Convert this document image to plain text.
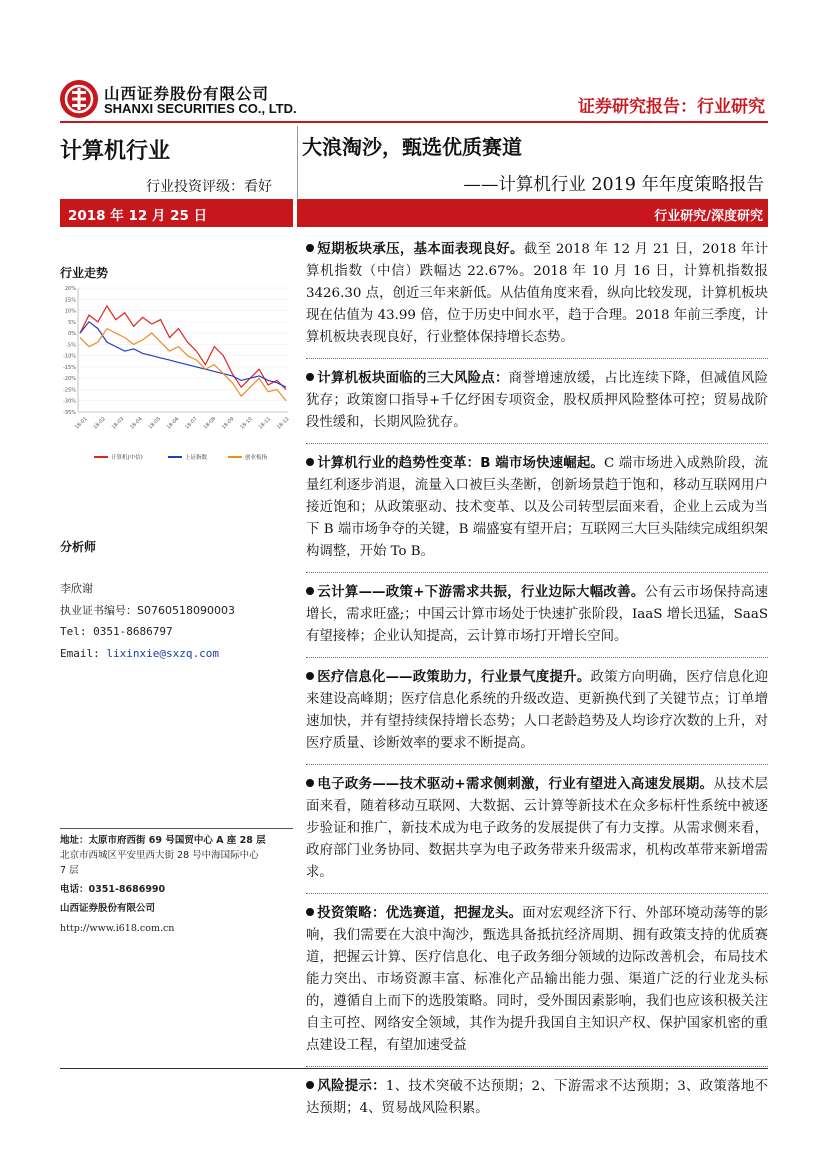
山西证券股份有限公司
SHANXI SECURITIES CO., LTD.	证券研究报告：行业研究
计算机行业
行业投资评级：看好
大浪淘沙，甄选优质赛道
——计算机行业 2019 年年度策略报告
2018 年 12 月 25 日	行业研究/深度研究
行业走势
20%
15%
10%
5%
0%
-5%
-10%
-15%
-20%
-25%
-30%
-35%
18-01 18-02 18-03 18-04 18-05 18-06 18-07 18-08 18-09 18-10 18-11 18-12
计算机(中信)	上证指数	创业板指
分析师
李欣谢
执业证书编号：S0760518090003
Tel: 0351-8686797
Email: lixinxie@sxzq.com
地址：太原市府西街 69 号国贸中心 A 座 28 层
北京市西城区平安里西大街 28 号中海国际中心
7 层
电话：0351-8686990
山西证券股份有限公司
http://www.i618.com.cn
短期板块承压，基本面表现良好。截至 2018 年 12 月 21 日，2018 年计算机指数（中信）跌幅达 22.67%。2018 年 10 月 16 日，计算机指数报 3426.30 点，创近三年来新低。从估值角度来看，纵向比较发现，计算机板块现在估值为 43.99 倍，位于历史中间水平，趋于合理。2018 年前三季度，计算机板块表现良好，行业整体保持增长态势。
计算机板块面临的三大风险点：商誉增速放缓，占比连续下降，但减值风险犹存；政策窗口指导+千亿纾困专项资金，股权质押风险整体可控；贸易战阶段性缓和，长期风险犹存。
计算机行业的趋势性变革：B 端市场快速崛起。C 端市场进入成熟阶段，流量红利逐步消退，流量入口被巨头垄断，创新场景趋于饱和，移动互联网用户接近饱和；从政策驱动、技术变革、以及公司转型层面来看，企业上云成为当下 B 端市场争夺的关键，B 端盛宴有望开启；互联网三大巨头陆续完成组织架构调整，开始 To B。
云计算——政策+下游需求共振，行业边际大幅改善。公有云市场保持高速增长，需求旺盛;；中国云计算市场处于快速扩张阶段，IaaS 增长迅猛，SaaS 有望接棒；企业认知提高，云计算市场打开增长空间。
医疗信息化——政策助力，行业景气度提升。政策方向明确，医疗信息化迎来建设高峰期；医疗信息化系统的升级改造、更新换代到了关键节点；订单增速加快，并有望持续保持增长态势；人口老龄趋势及人均诊疗次数的上升，对医疗质量、诊断效率的要求不断提高。
电子政务——技术驱动+需求侧刺激，行业有望进入高速发展期。从技术层面来看，随着移动互联网、大数据、云计算等新技术在众多标杆性系统中被逐步验证和推广，新技术成为电子政务的发展提供了有力支撑。从需求侧来看，政府部门业务协同、数据共享为电子政务带来升级需求，机构改革带来新增需求。
投资策略：优选赛道，把握龙头。面对宏观经济下行、外部环境动荡等的影响，我们需要在大浪中淘沙，甄选具备抵抗经济周期、拥有政策支持的优质赛道，把握云计算、医疗信息化、电子政务细分领域的边际改善机会，布局技术能力突出、市场资源丰富、标准化产品输出能力强、渠道广泛的行业龙头标的，遵循自上而下的选股策略。同时，受外围因素影响，我们也应该积极关注自主可控、网络安全领域，其作为提升我国自主知识产权、保护国家机密的重点建设工程，有望加速受益
风险提示：1、技术突破不达预期；2、下游需求不达预期；3、政策落地不达预期；4、贸易战风险积累。
